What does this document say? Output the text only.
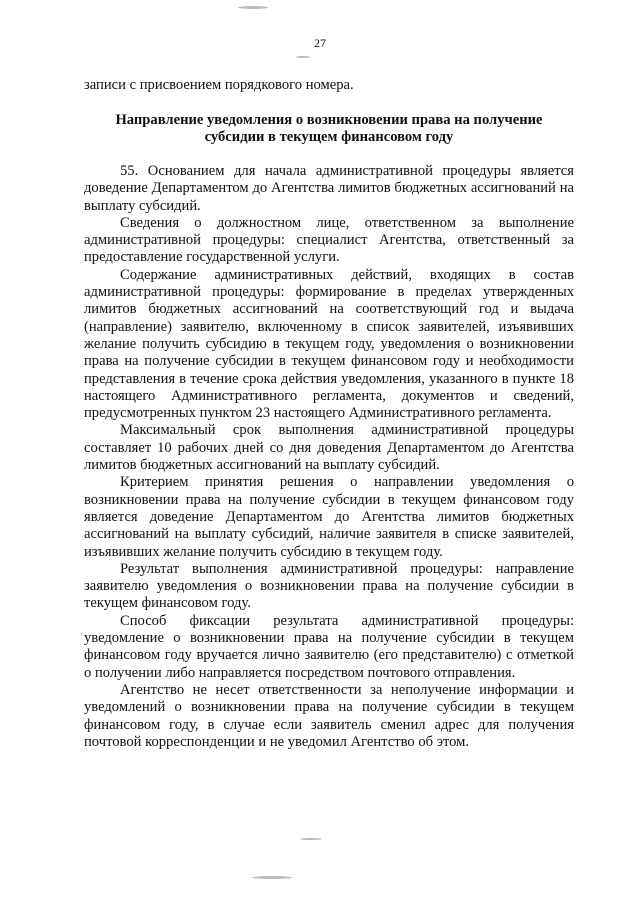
27
записи с присвоением порядкового номера.
Направление уведомления о возникновении права на получение
субсидии в текущем финансовом году

55. Основанием для начала административной процедуры является доведение Департаментом до Агентства лимитов бюджетных ассигнований на выплату субсидий.

Сведения о должностном лице, ответственном за выполнение административной процедуры: специалист Агентства, ответственный за предоставление государственной услуги.

Содержание административных действий, входящих в состав административной процедуры: формирование в пределах утвержденных лимитов бюджетных ассигнований на соответствующий год и выдача (направление) заявителю, включенному в список заявителей, изъявивших желание получить субсидию в текущем году, уведомления о возникновении права на получение субсидии в текущем финансовом году и необходимости представления в течение срока действия уведомления, указанного в пункте 18 настоящего Административного регламента, документов и сведений, предусмотренных пунктом 23 настоящего Административного регламента.

Максимальный срок выполнения административной процедуры составляет 10 рабочих дней со дня доведения Департаментом до Агентства лимитов бюджетных ассигнований на выплату субсидий.

Критерием принятия решения о направлении уведомления о возникновении права на получение субсидии в текущем финансовом году является доведение Департаментом до Агентства лимитов бюджетных ассигнований на выплату субсидий, наличие заявителя в списке заявителей, изъявивших желание получить субсидию в текущем году.

Результат выполнения административной процедуры: направление заявителю уведомления о возникновении права на получение субсидии в текущем финансовом году.

Способ фиксации результата административной процедуры: уведомление о возникновении права на получение субсидии в текущем финансовом году вручается лично заявителю (его представителю) с отметкой о получении либо направляется посредством почтового отправления.

Агентство не несет ответственности за неполучение информации и уведомлений о возникновении права на получение субсидии в текущем финансовом году, в случае если заявитель сменил адрес для получения почтовой корреспонденции и не уведомил Агентство об этом.
